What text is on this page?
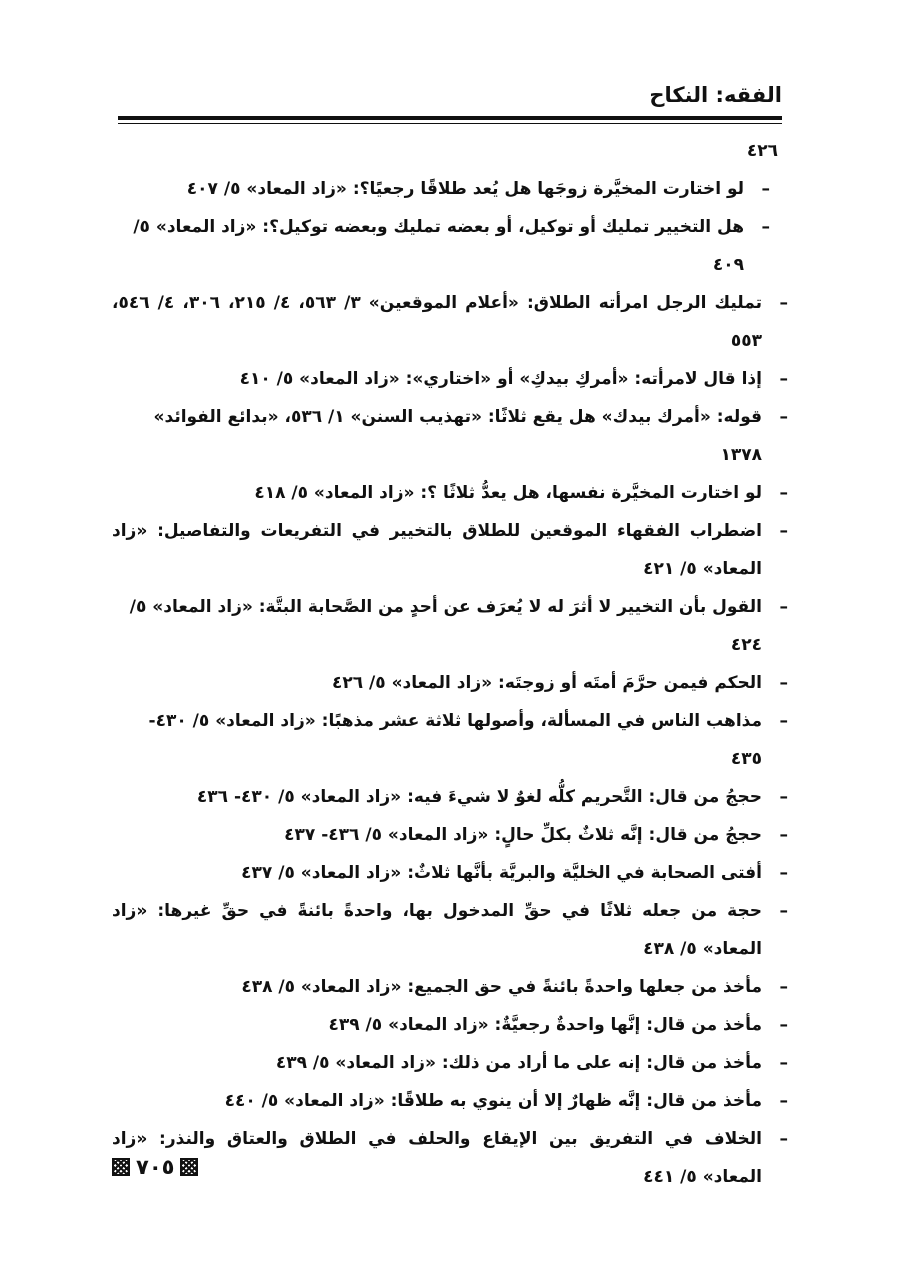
الفقه: النكاح
٤٢٦
–
لو اختارت المخيَّرة زوجَها هل يُعد طلاقًا رجعيًا؟: «زاد المعاد» ٥/ ٤٠٧
–
هل التخيير تمليك أو توكيل، أو بعضه تمليك وبعضه توكيل؟: «زاد المعاد» ٥/ ٤٠٩
–
تمليك الرجل امرأته الطلاق: «أعلام الموقعين» ٣/ ٥٦٣، ٤/ ٢١٥، ٣٠٦، ٤/ ٥٤٦، ٥٥٣
–
إذا قال لامرأته: «أمركِ بيدكِ» أو «اختاري»: «زاد المعاد» ٥/ ٤١٠
–
قوله: «أمرك بيدك» هل يقع ثلاثًا: «تهذيب السنن» ١/ ٥٣٦، «بدائع الفوائد» ١٣٧٨
–
لو اختارت المخيَّرة نفسها، هل يعدُّ ثلاثًا ؟: «زاد المعاد» ٥/ ٤١٨
–
اضطراب الفقهاء الموقعين للطلاق بالتخيير في التفريعات والتفاصيل: «زاد المعاد» ٥/ ٤٢١
–
القول بأن التخيير لا أثرَ له لا يُعرَف عن أحدٍ من الصَّحابة البتَّة: «زاد المعاد» ٥/ ٤٢٤
–
الحكم فيمن حرَّمَ أمتَه أو زوجتَه: «زاد المعاد» ٥/ ٤٢٦
–
مذاهب الناس في المسألة، وأصولها ثلاثة عشر مذهبًا: «زاد المعاد» ٥/ ٤٣٠- ٤٣٥
–
حججُ من قال: التَّحريم كلُّه لغوٌ لا شيءَ فيه: «زاد المعاد» ٥/ ٤٣٠- ٤٣٦
–
حججُ من قال: إنَّه ثلاثٌ بكلِّ حالٍ: «زاد المعاد» ٥/ ٤٣٦- ٤٣٧
–
أفتى الصحابة في الخليَّة والبريَّة بأنَّها ثلاثٌ: «زاد المعاد» ٥/ ٤٣٧
–
حجة من جعله ثلاثًا في حقِّ المدخول بها، واحدةً بائنةً في حقِّ غيرها: «زاد المعاد» ٥/ ٤٣٨
–
مأخذ من جعلها واحدةً بائنةً في حق الجميع: «زاد المعاد» ٥/ ٤٣٨
–
مأخذ من قال: إنَّها واحدةٌ رجعيَّةٌ: «زاد المعاد» ٥/ ٤٣٩
–
مأخذ من قال: إنه على ما أراد من ذلك: «زاد المعاد» ٥/ ٤٣٩
–
مأخذ من قال: إنَّه ظهارٌ إلا أن ينوي به طلاقًا: «زاد المعاد» ٥/ ٤٤٠
–
الخلاف في التفريق بين الإيقاع والحلف في الطلاق والعتاق والنذر: «زاد المعاد» ٥/ ٤٤١
٧٠٥
